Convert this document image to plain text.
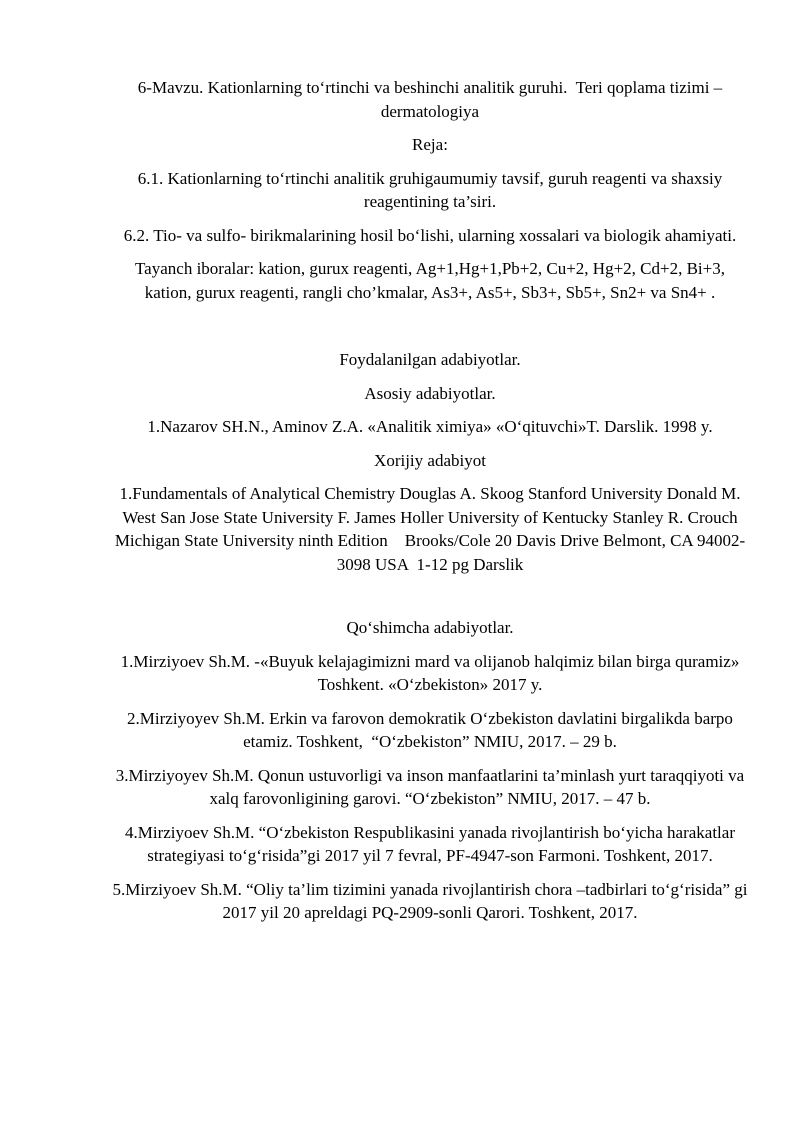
6-Mavzu. Kationlarning to‘rtinchi va beshinchi analitik guruhi.  Teri qoplama tizimi – dermatologiya

Reja:

6.1. Kationlarning to‘rtinchi analitik gruhigaumumiy tavsif, guruh reagenti va shaxsiy reagentining ta’siri.

6.2. Tio- va sulfo- birikmalarining hosil bo‘lishi, ularning xossalari va biologik ahamiyati.

Tayanch iboralar: kation, gurux reagenti, Ag+1,Hg+1,Pb+2, Cu+2, Hg+2, Cd+2, Bi+3, kation, gurux reagenti, rangli cho’kmalar, As3+, As5+, Sb3+, Sb5+, Sn2+ va Sn4+ .

Foydalanilgan adabiyotlar.

Asosiy adabiyotlar.

1.Nazarov SH.N., Aminov Z.A. «Analitik ximiya» «O‘qituvchi»T. Darslik. 1998 y.

Xorijiy adabiyot

1.Fundamentals of Analytical Chemistry Douglas A. Skoog Stanford University Donald M. West San Jose State University F. James Holler University of Kentucky Stanley R. Crouch Michigan State University ninth Edition    Brooks/Cole 20 Davis Drive Belmont, CA 94002-3098 USA  1-12 pg Darslik

Qo‘shimcha adabiyotlar.

1.Mirziyoev Sh.M. -«Buyuk kelajagimizni mard va olijanob halqimiz bilan birga quramiz» Toshkent. «O‘zbekiston» 2017 y.

2.Mirziyoyev Sh.M. Erkin va farovon demokratik O‘zbekiston davlatini birgalikda barpo etamiz. Toshkent,  “O‘zbekiston” NMIU, 2017. – 29 b.

3.Mirziyoyev Sh.M. Qonun ustuvorligi va inson manfaatlarini ta’minlash yurt taraqqiyoti va xalq farovonligining garovi. “O‘zbekiston” NMIU, 2017. – 47 b.

4.Mirziyoev Sh.M. “O‘zbekiston Respublikasini yanada rivojlantirish bo‘yicha harakatlar strategiyasi to‘g‘risida”gi 2017 yil 7 fevral, PF-4947-son Farmoni. Toshkent, 2017.

5.Mirziyoev Sh.M. “Oliy ta’lim tizimini yanada rivojlantirish chora –tadbirlari to‘g‘risida” gi 2017 yil 20 apreldagi PQ-2909-sonli Qarori. Toshkent, 2017.
